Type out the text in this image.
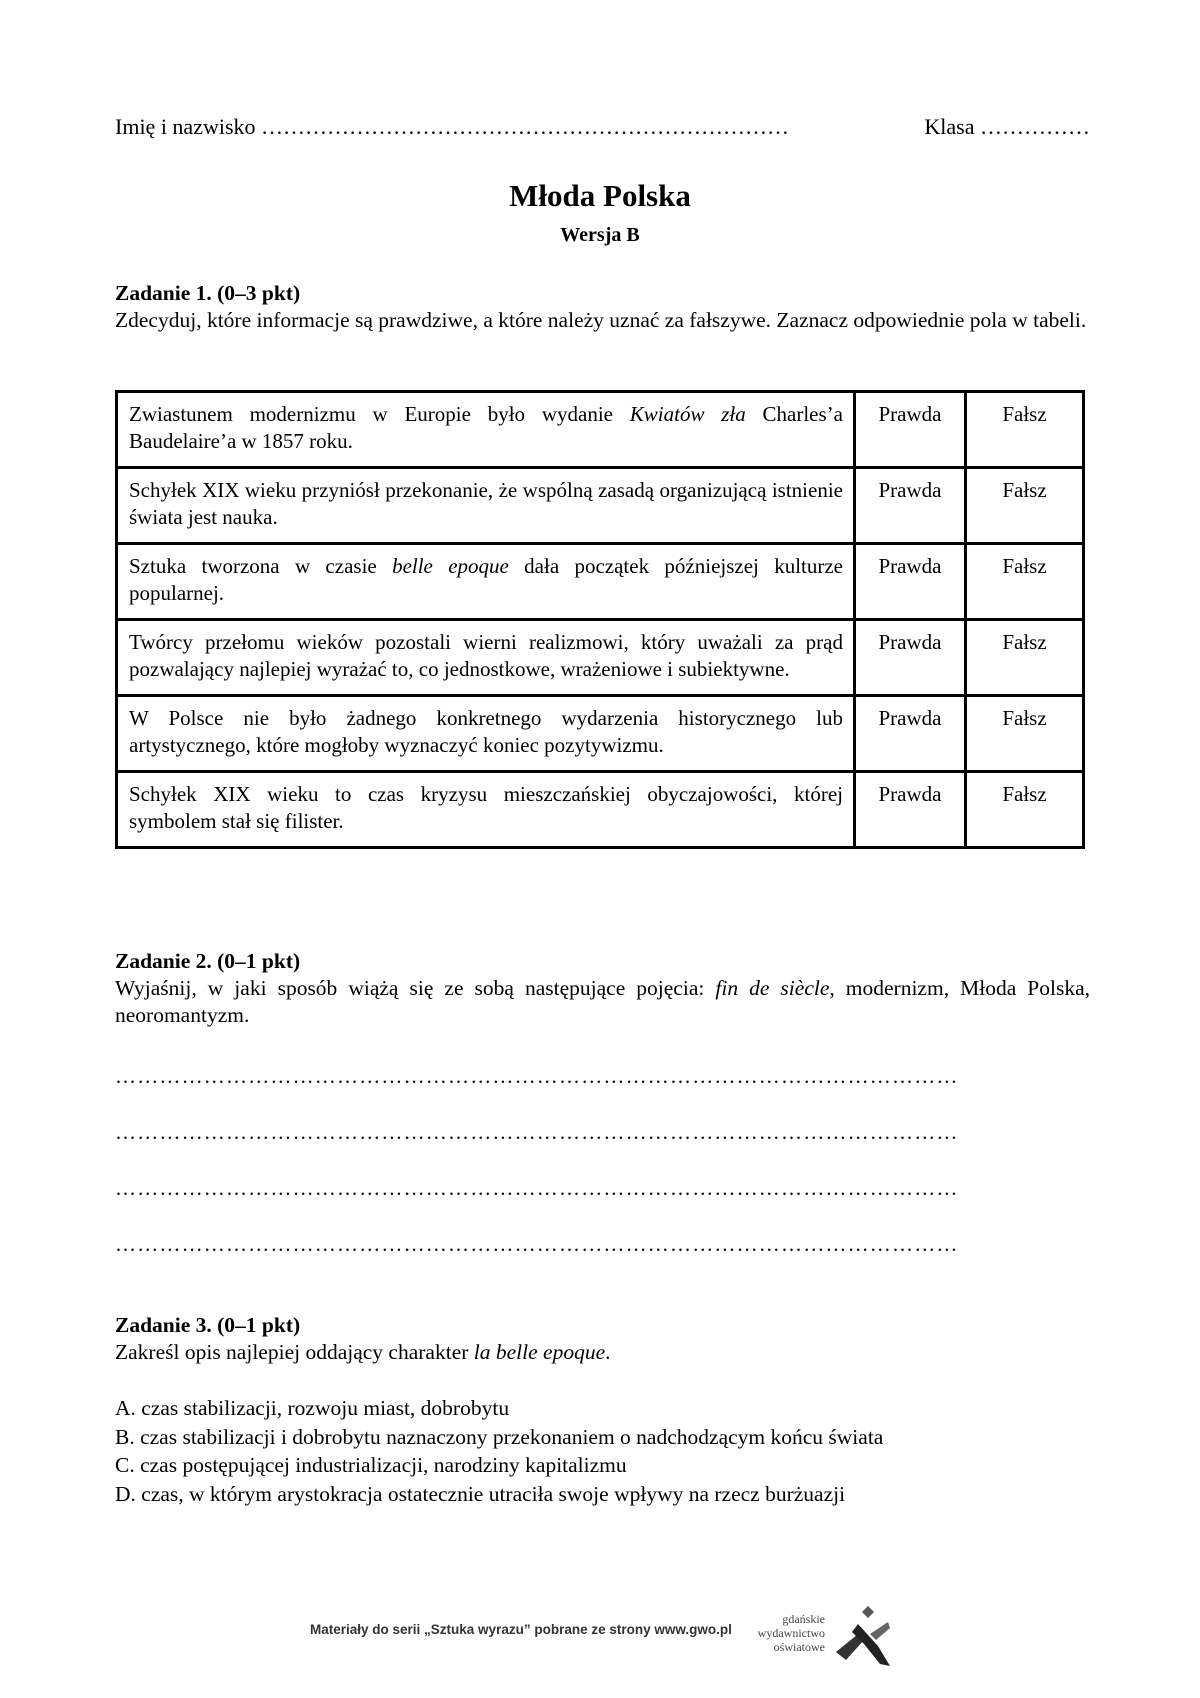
Imię i nazwisko ………………………………………………………………	Klasa ……………
Młoda Polska
Wersja B
Zadanie 1. (0–3 pkt)
Zdecyduj, które informacje są prawdziwe, a które należy uznać za fałszywe. Zaznacz odpowiednie pola w tabeli.
Zwiastunem modernizmu w Europie było wydanie Kwiatów zła Charles’a Baudelaire’a w 1857 roku.	Prawda	Fałsz
Schyłek XIX wieku przyniósł przekonanie, że wspólną zasadą organizującą istnienie świata jest nauka.	Prawda	Fałsz
Sztuka tworzona w czasie belle epoque dała początek późniejszej kulturze popularnej.	Prawda	Fałsz
Twórcy przełomu wieków pozostali wierni realizmowi, który uważali za prąd pozwalający najlepiej wyrażać to, co jednostkowe, wrażeniowe i subiektywne.	Prawda	Fałsz
W Polsce nie było żadnego konkretnego wydarzenia historycznego lub artystycznego, które mogłoby wyznaczyć koniec pozytywizmu.	Prawda	Fałsz
Schyłek XIX wieku to czas kryzysu mieszczańskiej obyczajowości, której symbolem stał się filister.	Prawda	Fałsz
Zadanie 2. (0–1 pkt)
Wyjaśnij, w jaki sposób wiążą się ze sobą następujące pojęcia: fin de siècle, modernizm, Młoda Polska, neoromantyzm.
……………………………………………………………………………………………………
……………………………………………………………………………………………………
……………………………………………………………………………………………………
……………………………………………………………………………………………………
Zadanie 3. (0–1 pkt)
Zakreśl opis najlepiej oddający charakter la belle epoque.
A. czas stabilizacji, rozwoju miast, dobrobytu
B. czas stabilizacji i dobrobytu naznaczony przekonaniem o nadchodzącym końcu świata
C. czas postępującej industrializacji, narodziny kapitalizmu
D. czas, w którym arystokracja ostatecznie utraciła swoje wpływy na rzecz burżuazji
Materiały do serii „Sztuka wyrazu” pobrane ze strony www.gwo.pl
gdańskie
wydawnictwo
oświatowe
